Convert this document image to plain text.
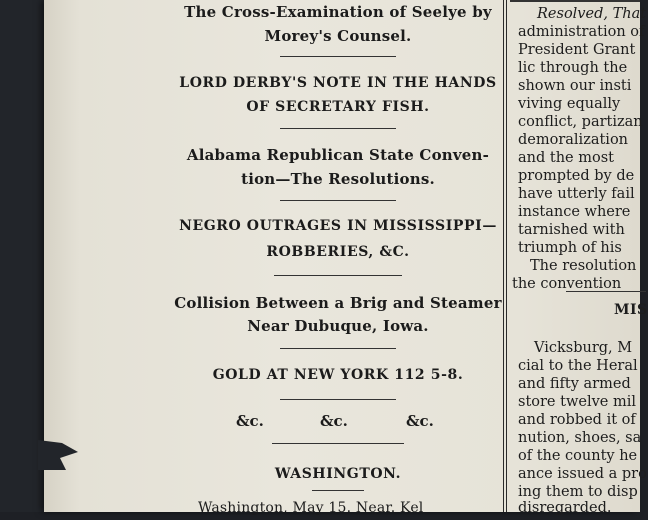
The Cross-Examination of Seelye by
Morey's Counsel.
LORD DERBY'S NOTE IN THE HANDS
OF SECRETARY FISH.
Alabama Republican State Conven-
tion—The Resolutions.
NEGRO OUTRAGES IN MISSISSIPPI—
ROBBERIES, &C.
Collision Between a Brig and Steamer
Near Dubuque, Iowa.
GOLD AT NEW YORK 112 5-8.
&c.	&c.	&c.
WASHINGTON.
Washington, May 15. Near. Kel
Resolved, That
administration of
President Grant
lic through the
shown our insti
viving equally
conflict, partizan
demoralization
and the most
prompted by de
have utterly fail
instance where
tarnished with
triumph of his
The resolution
the convention
MIS
Vicksburg, M
cial to the Heral
and fifty armed
store twelve mil
and robbed it of
nution, shoes, sa
of the county he
ance issued a pro
ing them to disp
disregarded.
